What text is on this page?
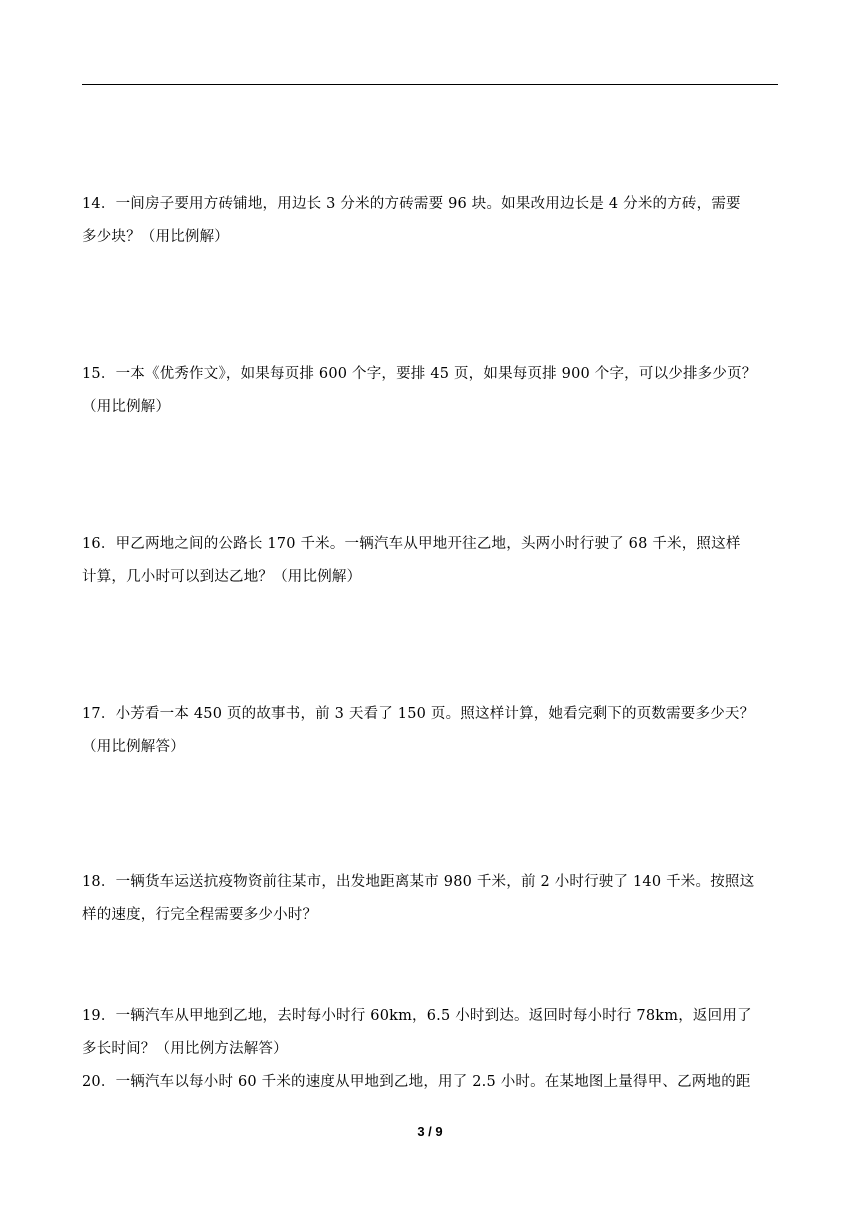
14．一间房子要用方砖铺地，用边长 3 分米的方砖需要 96 块。如果改用边长是 4 分米的方砖，需要
多少块？（用比例解）
15．一本《优秀作文》，如果每页排 600 个字，要排 45 页，如果每页排 900 个字，可以少排多少页？
（用比例解）
16．甲乙两地之间的公路长 170 千米。一辆汽车从甲地开往乙地，头两小时行驶了 68 千米，照这样
计算，几小时可以到达乙地？（用比例解）
17．小芳看一本 450 页的故事书，前 3 天看了 150 页。照这样计算，她看完剩下的页数需要多少天？
（用比例解答）
18．一辆货车运送抗疫物资前往某市，出发地距离某市 980 千米，前 2 小时行驶了 140 千米。按照这
样的速度，行完全程需要多少小时？
19．一辆汽车从甲地到乙地，去时每小时行 60km，6.5 小时到达。返回时每小时行 78km，返回用了
多长时间？（用比例方法解答）
20．一辆汽车以每小时 60 千米的速度从甲地到乙地，用了 2.5 小时。在某地图上量得甲、乙两地的距
3 / 9
